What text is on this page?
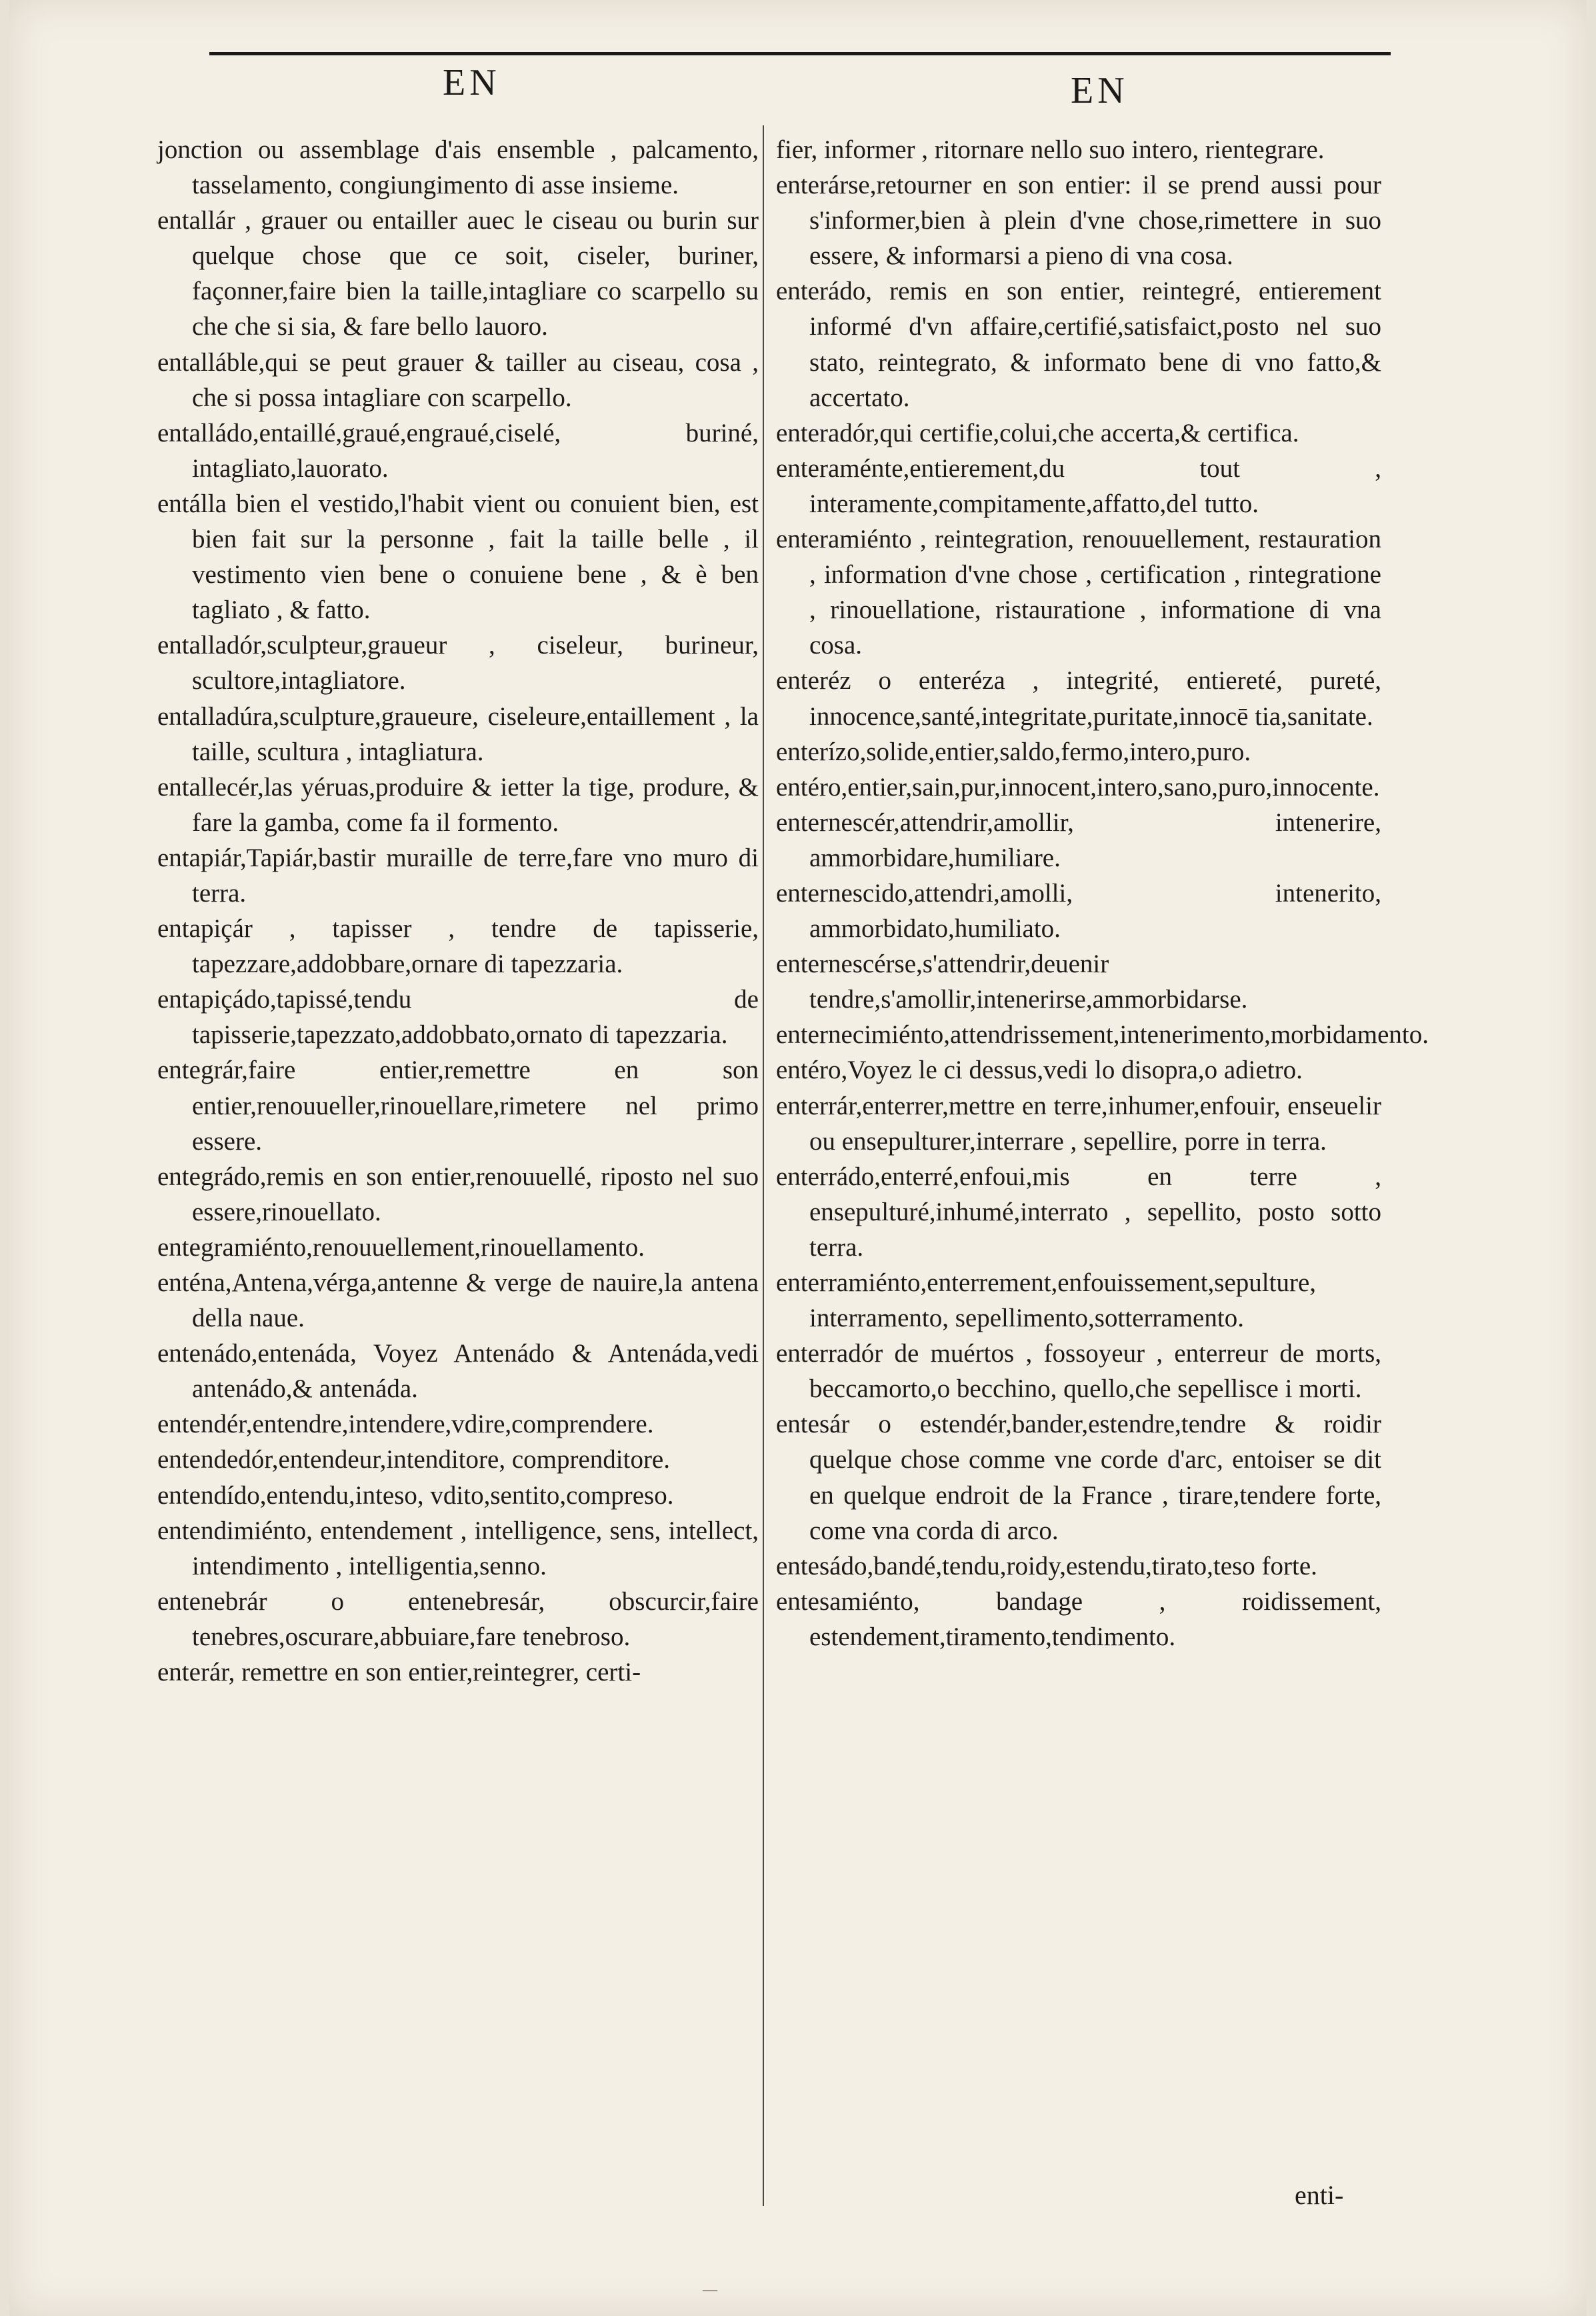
EN	EN

jonction ou assemblage d'ais ensemble , palcamento, tasselamento, congiungimento di asse insieme.

entallár , grauer ou entailler auec le ciseau ou burin sur quelque chose que ce soit, ciseler, buriner, façonner,faire bien la taille,intagliare co scarpello su che che si sia, & fare bello lauoro.

entalláble,qui se peut grauer & tailler au ciseau, cosa , che si possa intagliare con scarpello.

entalládo,entaillé,graué,engraué,ciselé, buriné, intagliato,lauorato.

entálla bien el vestido,l'habit vient ou conuient bien, est bien fait sur la personne , fait la taille belle , il vestimento vien bene o conuiene bene , & è ben tagliato , & fatto.

entalladór,sculpteur,graueur , ciseleur, burineur, scultore,intagliatore.

entalladúra,sculpture,graueure, ciseleure,entaillement , la taille, scultura , intagliatura.

entallecér,las yéruas,produire & ietter la tige, produre, & fare la gamba, come fa il formento.

entapiár,Tapiár,bastir muraille de terre,fare vno muro di terra.

entapiçár , tapisser , tendre de tapisserie, tapezzare,addobbare,ornare di tapezzaria.

entapiçádo,tapissé,tendu de tapisserie,tapezzato,addobbato,ornato di tapezzaria.

entegrár,faire entier,remettre en son entier,renouueller,rinouellare,rimetere nel primo essere.

entegrádo,remis en son entier,renouuellé, riposto nel suo essere,rinouellato.

entegramiénto,renouuellement,rinouellamento.

enténa,Antena,vérga,antenne & verge de nauire,la antena della naue.

entenádo,entenáda, Voyez Antenádo & Antenáda,vedi antenádo,& antenáda.

entendér,entendre,intendere,vdire,comprendere.

entendedór,entendeur,intenditore, comprenditore.

entendído,entendu,inteso, vdito,sentito,compreso.

entendimiénto, entendement , intelligence, sens, intellect, intendimento , intelligentia,senno.

entenebrár o entenebresár, obscurcir,faire tenebres,oscurare,abbuiare,fare tenebroso.

enterár, remettre en son entier,reintegrer, certi-

fier, informer , ritornare nello suo intero, rientegrare.

enterárse,retourner en son entier: il se prend aussi pour s'informer,bien à plein d'vne chose,rimettere in suo essere, & informarsi a pieno di vna cosa.

enterádo, remis en son entier, reintegré, entierement informé d'vn affaire,certifié,satisfaict,posto nel suo stato, reintegrato, & informato bene di vno fatto,& accertato.

enteradór,qui certifie,colui,che accerta,& certifica.

enteraménte,entierement,du tout , interamente,compitamente,affatto,del tutto.

enteramiénto , reintegration, renouuellement, restauration , information d'vne chose , certification , rintegratione , rinouellatione, ristauratione , informatione di vna cosa.

enteréz o enteréza , integrité, entiereté, pureté, innocence,santé,integritate,puritate,innocē tia,sanitate.

enterízo,solide,entier,saldo,fermo,intero,puro.

entéro,entier,sain,pur,innocent,intero,sano,puro,innocente.

enternescér,attendrir,amollir, intenerire, ammorbidare,humiliare.

enternescido,attendri,amolli, intenerito, ammorbidato,humiliato.

enternescérse,s'attendrir,deuenir tendre,s'amollir,intenerirse,ammorbidarse.

enternecimiénto,attendrissement,intenerimento,morbidamento.

entéro,Voyez le ci dessus,vedi lo disopra,o adietro.

enterrár,enterrer,mettre en terre,inhumer,enfouir, enseuelir ou ensepulturer,interrare , sepellire, porre in terra.

enterrádo,enterré,enfoui,mis en terre , ensepulturé,inhumé,interrato , sepellito, posto sotto terra.

enterramiénto,enterrement,enfouissement,sepulture, interramento, sepellimento,sotterramento.

enterradór de muértos , fossoyeur , enterreur de morts, beccamorto,o becchino, quello,che sepellisce i morti.

entesár o estendér,bander,estendre,tendre & roidir quelque chose comme vne corde d'arc, entoiser se dit en quelque endroit de la France , tirare,tendere forte, come vna corda di arco.

entesádo,bandé,tendu,roidy,estendu,tirato,teso forte.

entesamiénto, bandage , roidissement, estendement,tiramento,tendimento.

enti-
—
